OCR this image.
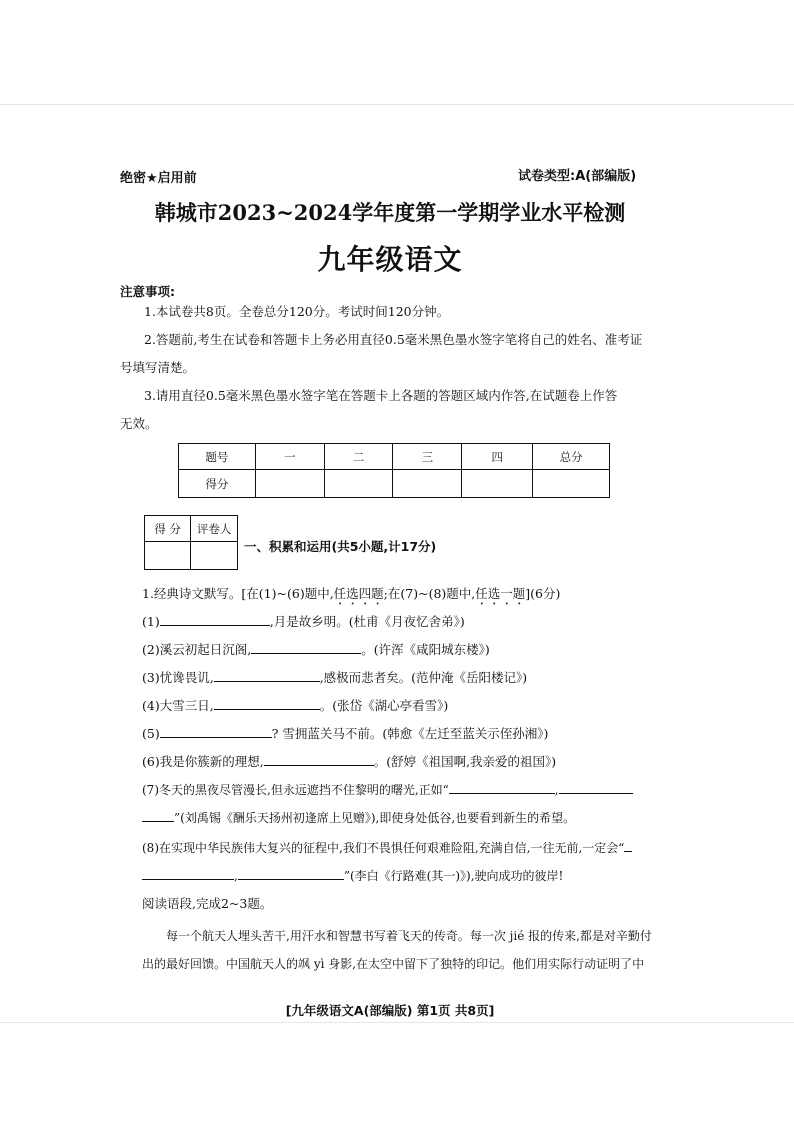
绝密★启用前	试卷类型:A(部编版)
韩城市2023~2024学年度第一学期学业水平检测
九年级语文
注意事项:
1.本试卷共8页。全卷总分120分。考试时间120分钟。
2.答题前,考生在试卷和答题卡上务必用直径0.5毫米黑色墨水签字笔将自己的姓名、准考证
号填写清楚。
3.请用直径0.5毫米黑色墨水签字笔在答题卡上各题的答题区域内作答,在试题卷上作答
无效。
题号	一	二	三	四	总分
得分					
得 分	评卷人

一、积累和运用(共5小题,计17分)
1.经典诗文默写。[在(1)~(6)题中,任选四题;在(7)~(8)题中,任选一题](6分)
(1)	,月是故乡明。(杜甫《月夜忆舍弟》)
(2)溪云初起日沉阁,	。(许浑《咸阳城东楼》)
(3)忧谗畏讥,	,感极而悲者矣。(范仲淹《岳阳楼记》)
(4)大雪三日,	。(张岱《湖心亭看雪》)
(5)	? 雪拥蓝关马不前。(韩愈《左迁至蓝关示侄孙湘》)
(6)我是你簇新的理想,	。(舒婷《祖国啊,我亲爱的祖国》)
(7)冬天的黑夜尽管漫长,但永远遮挡不住黎明的曙光,正如“	,
”(刘禹锡《酬乐天扬州初逢席上见赠》),即使身处低谷,也要看到新生的希望。
(8)在实现中华民族伟大复兴的征程中,我们不畏惧任何艰难险阻,充满自信,一往无前,一定会“
,	”(李白《行路难(其一)》),驶向成功的彼岸!
阅读语段,完成2~3题。
每一个航天人埋头苦干,用汗水和智慧书写着飞天的传奇。每一次 jié 报的传来,都是对辛勤付
出的最好回馈。中国航天人的飒 yì 身影,在太空中留下了独特的印记。他们用实际行动证明了中
[九年级语文A(部编版) 第1页 共8页]
